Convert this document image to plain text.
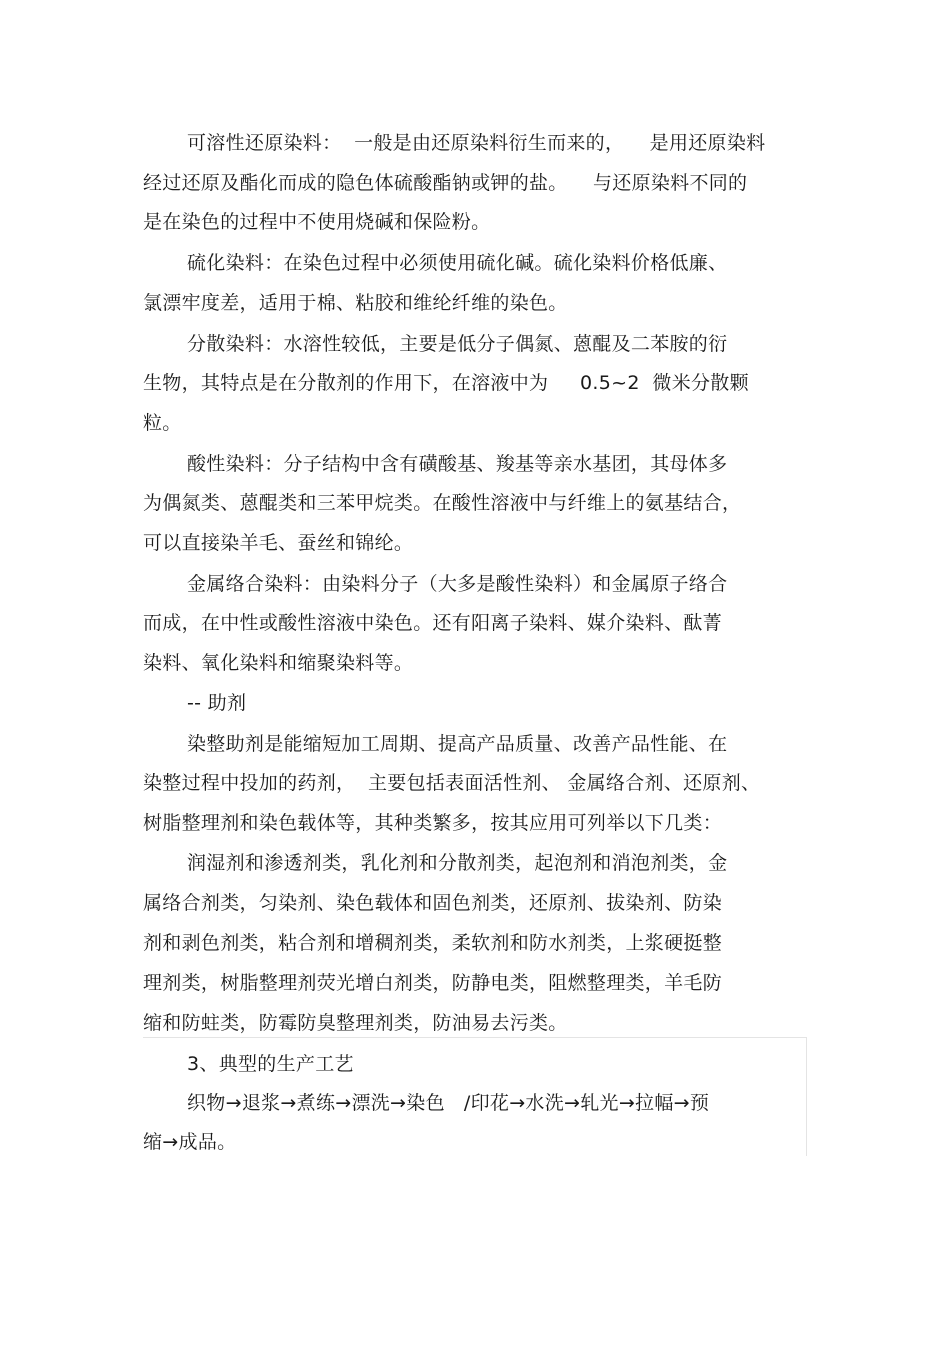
可溶性还原染料：  一般是由还原染料衍生而来的，    是用还原染料
经过还原及酯化而成的隐色体硫酸酯钠或钾的盐。    与还原染料不同的
是在染色的过程中不使用烧碱和保险粉。
硫化染料：在染色过程中必须使用硫化碱。硫化染料价格低廉、
氯漂牢度差，适用于棉、粘胶和维纶纤维的染色。
分散染料：水溶性较低，主要是低分子偶氮、蒽醌及二苯胺的衍
生物，其特点是在分散剂的作用下，在溶液中为     0.5~2  微米分散颗
粒。
酸性染料：分子结构中含有磺酸基、羧基等亲水基团，其母体多
为偶氮类、蒽醌类和三苯甲烷类。在酸性溶液中与纤维上的氨基结合，
可以直接染羊毛、蚕丝和锦纶。
金属络合染料：由染料分子（大多是酸性染料）和金属原子络合
而成，在中性或酸性溶液中染色。还有阳离子染料、媒介染料、酞菁
染料、氧化染料和缩聚染料等。
-- 助剂
染整助剂是能缩短加工周期、提高产品质量、改善产品性能、在
染整过程中投加的药剂，  主要包括表面活性剂、 金属络合剂、还原剂、
树脂整理剂和染色载体等，其种类繁多，按其应用可列举以下几类：
润湿剂和渗透剂类，乳化剂和分散剂类，起泡剂和消泡剂类，金
属络合剂类，匀染剂、染色载体和固色剂类，还原剂、拔染剂、防染
剂和剥色剂类，粘合剂和增稠剂类，柔软剂和防水剂类，上浆硬挺整
理剂类，树脂整理剂荧光增白剂类，防静电类，阻燃整理类，羊毛防
缩和防蛀类，防霉防臭整理剂类，防油易去污类。
3、典型的生产工艺
织物→退浆→煮练→漂洗→染色   /印花→水洗→轧光→拉幅→预
缩→成品。
